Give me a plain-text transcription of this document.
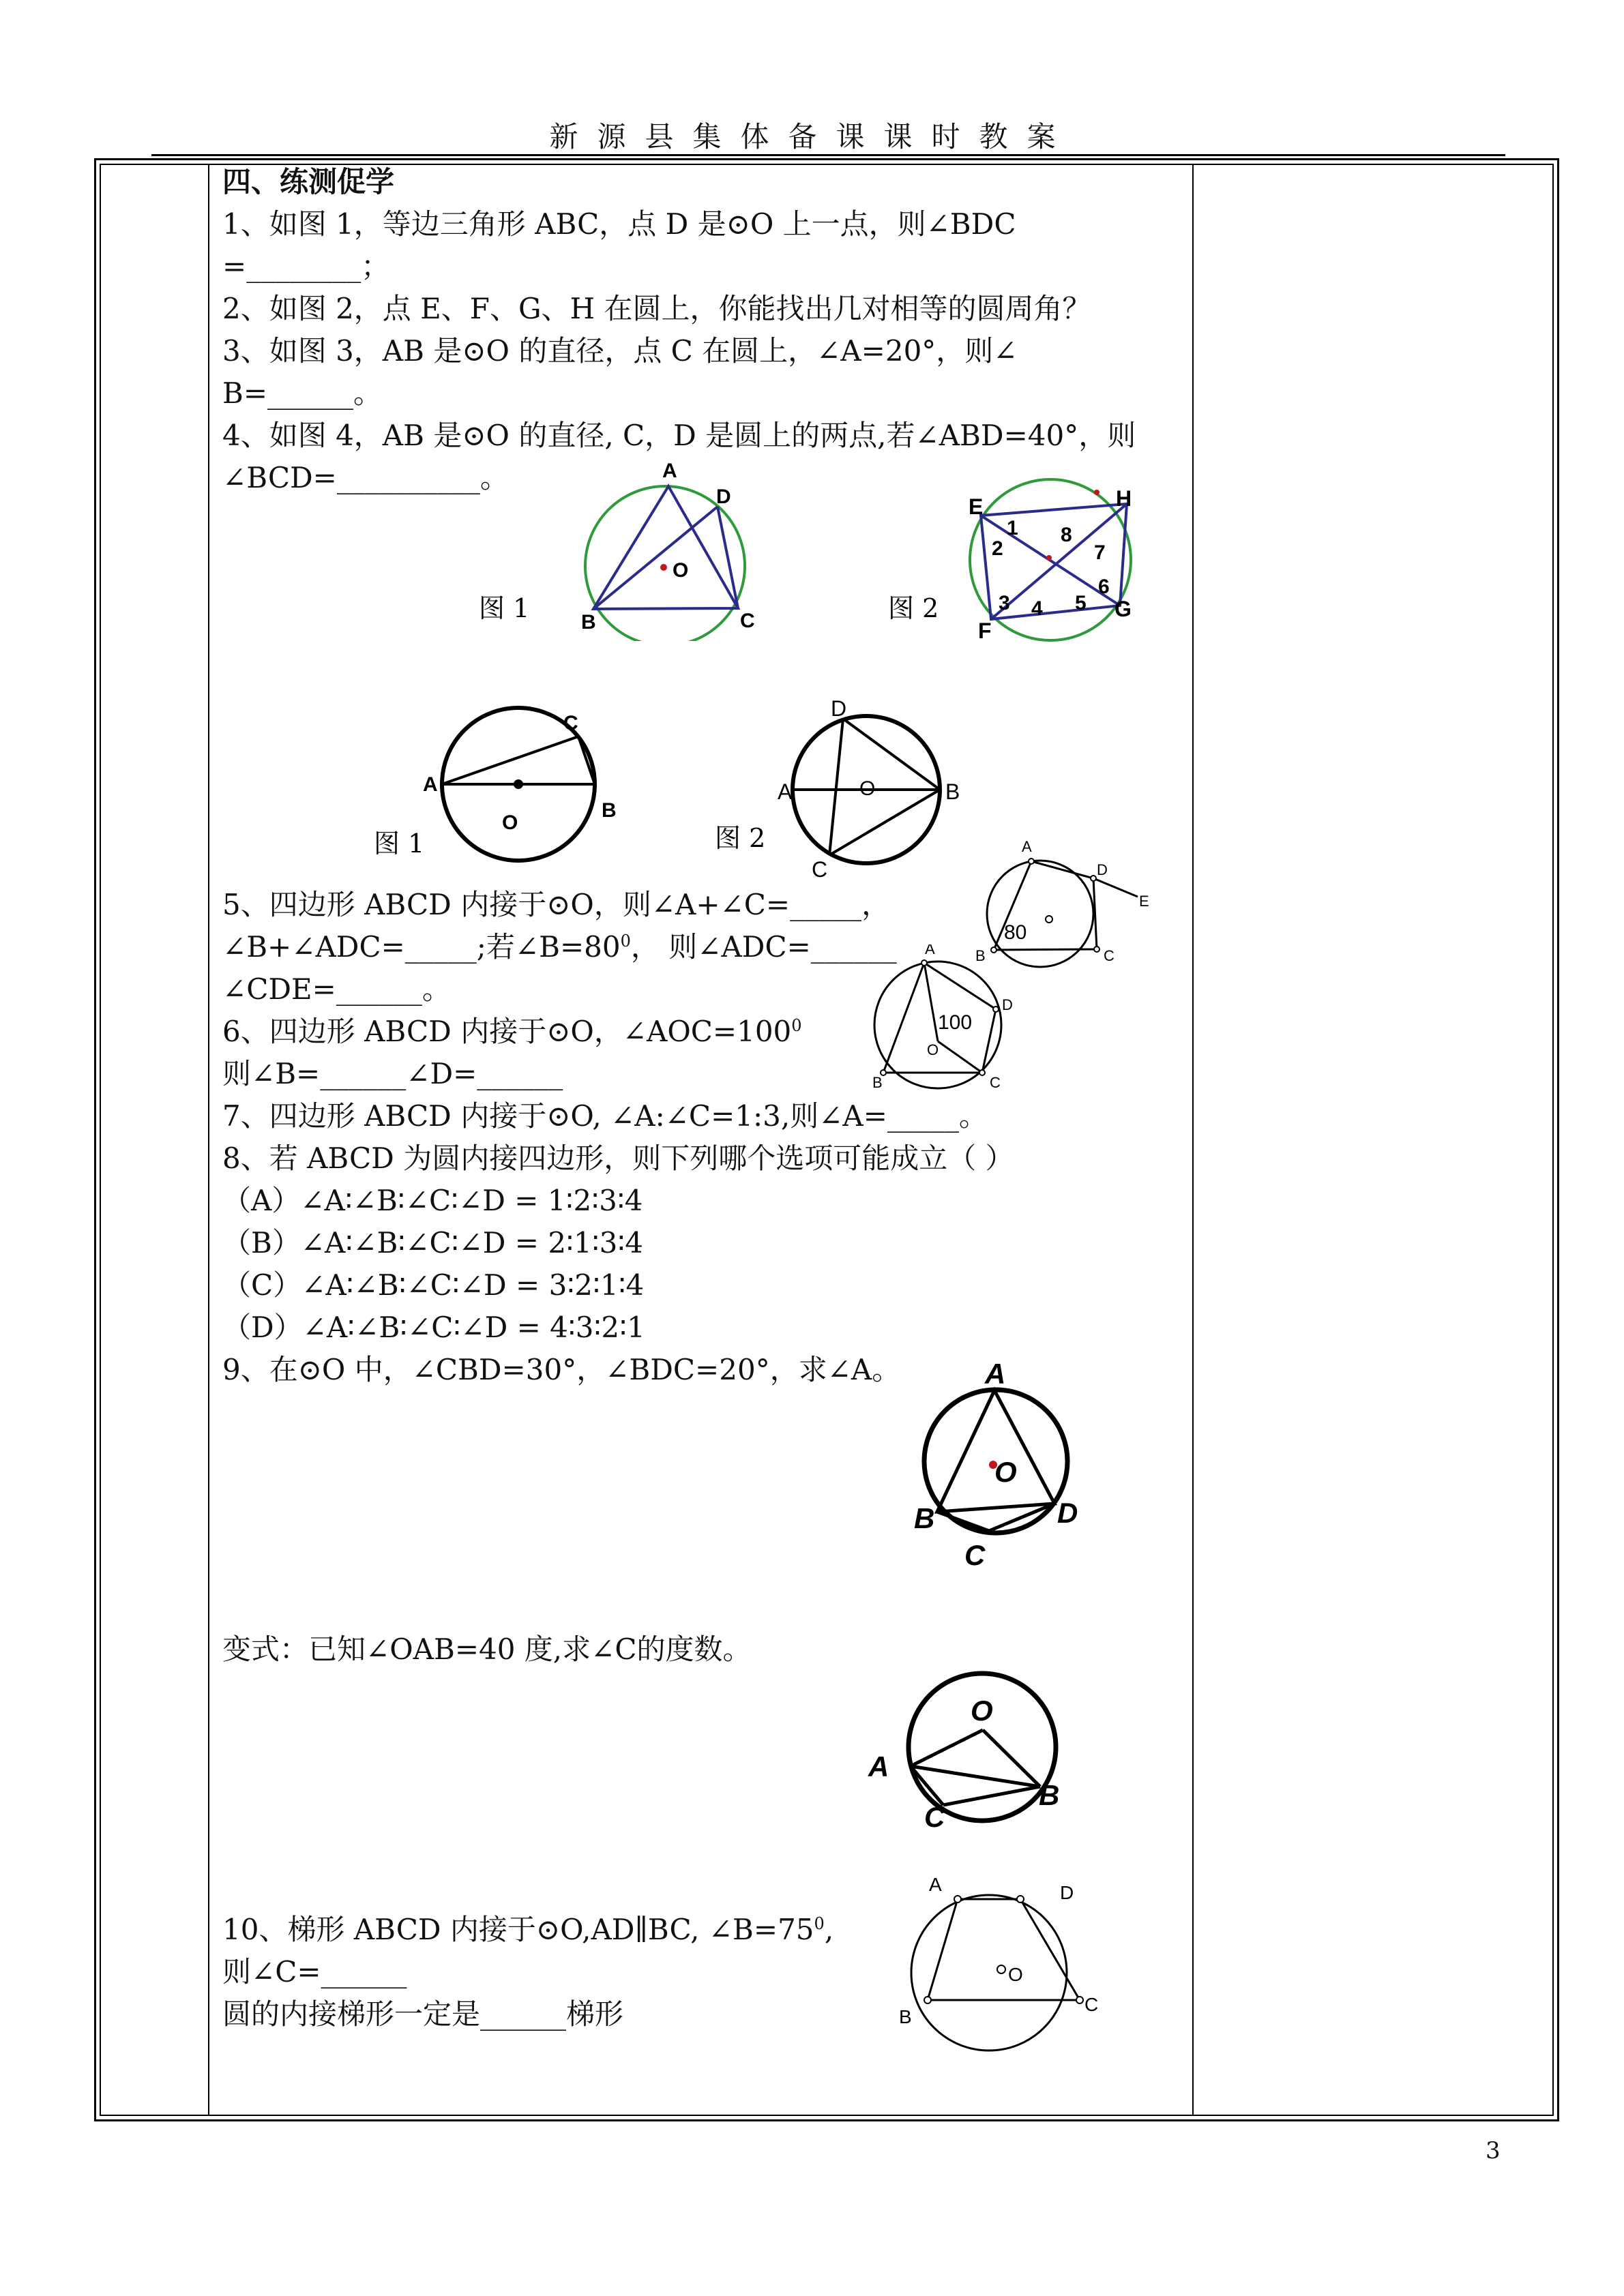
新源县集体备课课时教案
四、练测促学
1、如图 1，等边三角形 ABC，点 D 是⊙O 上一点，则∠BDC
=________；
2、如图 2，点 E、F、G、H 在圆上，你能找出几对相等的圆周角？
3、如图 3，AB 是⊙O 的直径，点 C 在圆上，∠A=20°，则∠
B=______。
4、如图 4，AB 是⊙O 的直径, C，D 是圆上的两点,若∠ABD=40°，则
∠BCD=__________。
5、四边形 ABCD 内接于⊙O，则∠A+∠C=_____，
∠B+∠ADC=_____;若$\angle B=80^0$， 则∠ADC=______
∠CDE=______。
6、四边形 ABCD 内接于⊙O，$\angle AOC=100^0$
则∠B=______∠D=______
7、四边形 ABCD 内接于⊙O, ∠A:∠C=1:3,则∠A=_____。
8、若 ABCD 为圆内接四边形，则下列哪个选项可能成立（ ）
（A）∠A∶∠B∶∠C∶∠D = 1∶2∶3∶4
（B）∠A∶∠B∶∠C∶∠D = 2∶1∶3∶4
（C）∠A∶∠B∶∠C∶∠D = 3∶2∶1∶4
（D）∠A∶∠B∶∠C∶∠D = 4∶3∶2∶1
9、在⊙O 中，∠CBD=30°，∠BDC=20°，求∠A。
变式：已知∠OAB=40 度,求∠C的度数。
10、梯形 ABCD 内接于⊙O,AD∥BC, $\angle B=75^0$,
则∠C=______
圆的内接梯形一定是______梯形
图 1
A
D
O
B	C	图 2
E	H
F
G
1
2
3 4 5
6
7
8
图 1
A
B
C
O
图 2
A	B
D
C
O
A
D
E
B	C
80
A
D
B	C
O
100
A
O
B	D
C
O
A
B
C
A	D
O
B
C
3
